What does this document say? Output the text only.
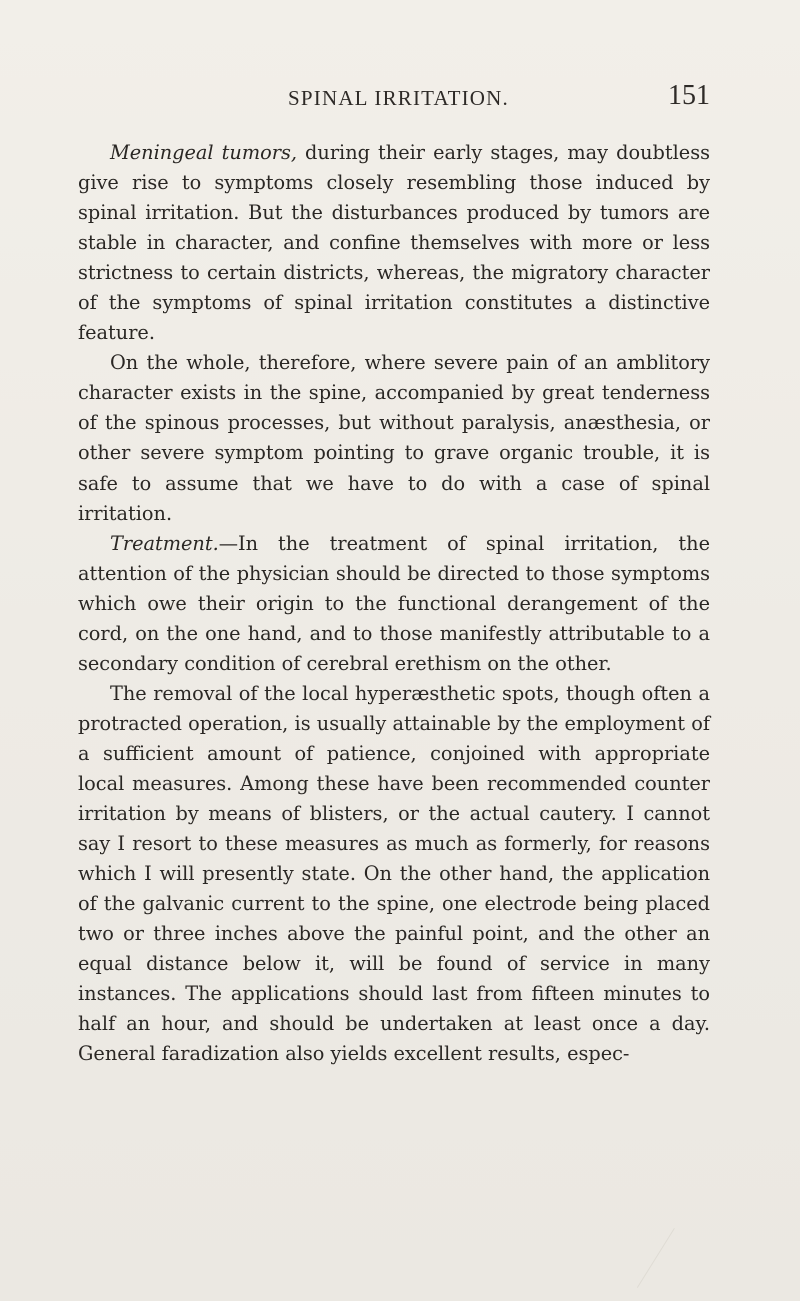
SPINAL IRRITATION.	151

Meningeal tumors, during their early stages, may doubtless give rise to symptoms closely resembling those induced by spinal irritation. But the disturbances produced by tumors are stable in character, and confine themselves with more or less strictness to certain districts, whereas, the migratory character of the symptoms of spinal irritation constitutes a distinctive feature.

On the whole, therefore, where severe pain of an amblitory character exists in the spine, accompanied by great tenderness of the spinous processes, but without paralysis, anæsthesia, or other severe symptom pointing to grave organic trouble, it is safe to assume that we have to do with a case of spinal irritation.

Treatment.—In the treatment of spinal irritation, the attention of the physician should be directed to those symptoms which owe their origin to the functional derangement of the cord, on the one hand, and to those manifestly attributable to a secondary condition of cerebral erethism on the other.

The removal of the local hyperæsthetic spots, though often a protracted operation, is usually attainable by the employment of a sufficient amount of patience, conjoined with appropriate local measures. Among these have been recommended counter irritation by means of blisters, or the actual cautery. I cannot say I resort to these measures as much as formerly, for reasons which I will presently state. On the other hand, the application of the galvanic current to the spine, one electrode being placed two or three inches above the painful point, and the other an equal distance below it, will be found of service in many instances. The applications should last from fifteen minutes to half an hour, and should be undertaken at least once a day. General faradization also yields excellent results, espec-
